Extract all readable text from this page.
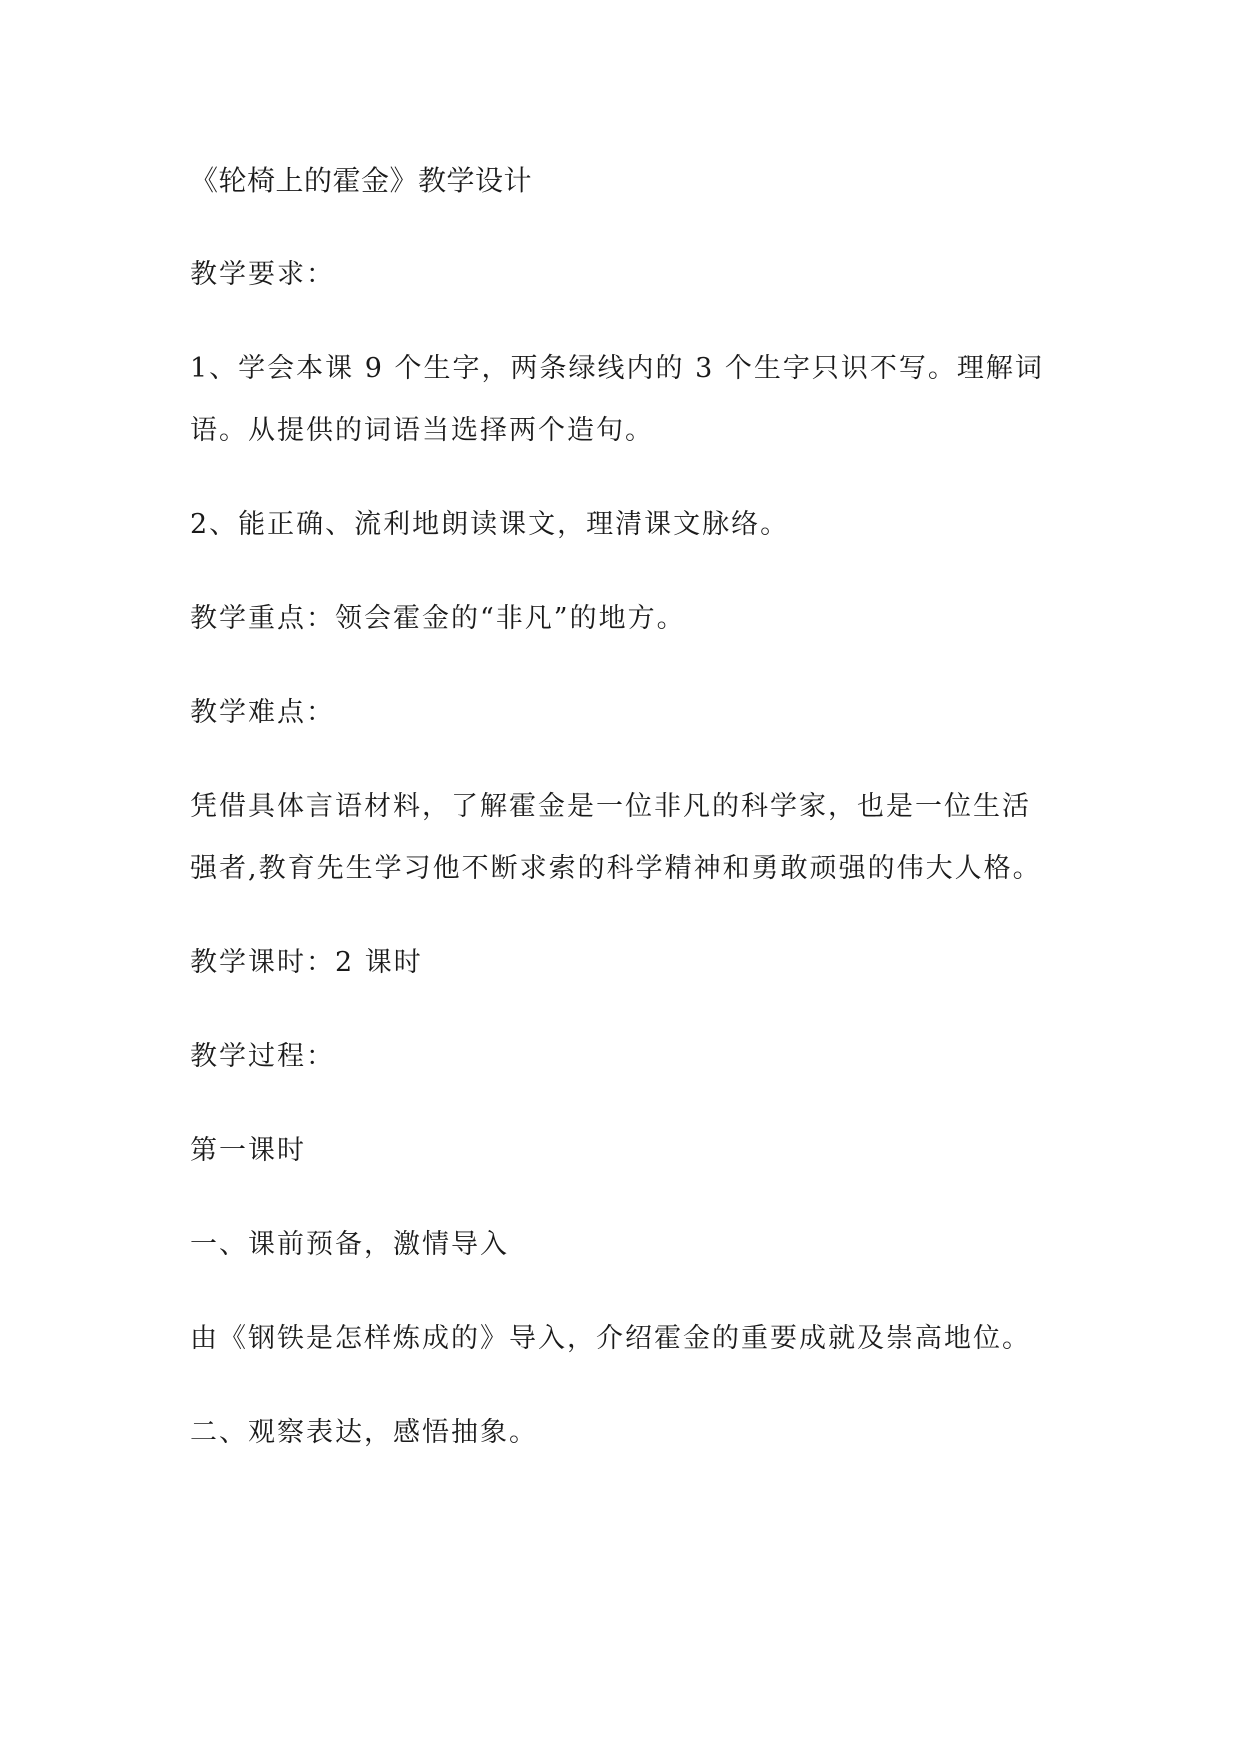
《轮椅上的霍金》教学设计
教学要求：
1、学会本课 9 个生字，两条绿线内的 3 个生字只识不写。理解词
语。从提供的词语当选择两个造句。
2、能正确、流利地朗读课文，理清课文脉络。
教学重点：领会霍金的“非凡”的地方。
教学难点：
凭借具体言语材料，了解霍金是一位非凡的科学家，也是一位生活
强者,教育先生学习他不断求索的科学精神和勇敢顽强的伟大人格。
教学课时：2 课时
教学过程：
第一课时
一、课前预备，激情导入
由《钢铁是怎样炼成的》导入，介绍霍金的重要成就及崇高地位。
二、观察表达，感悟抽象。
